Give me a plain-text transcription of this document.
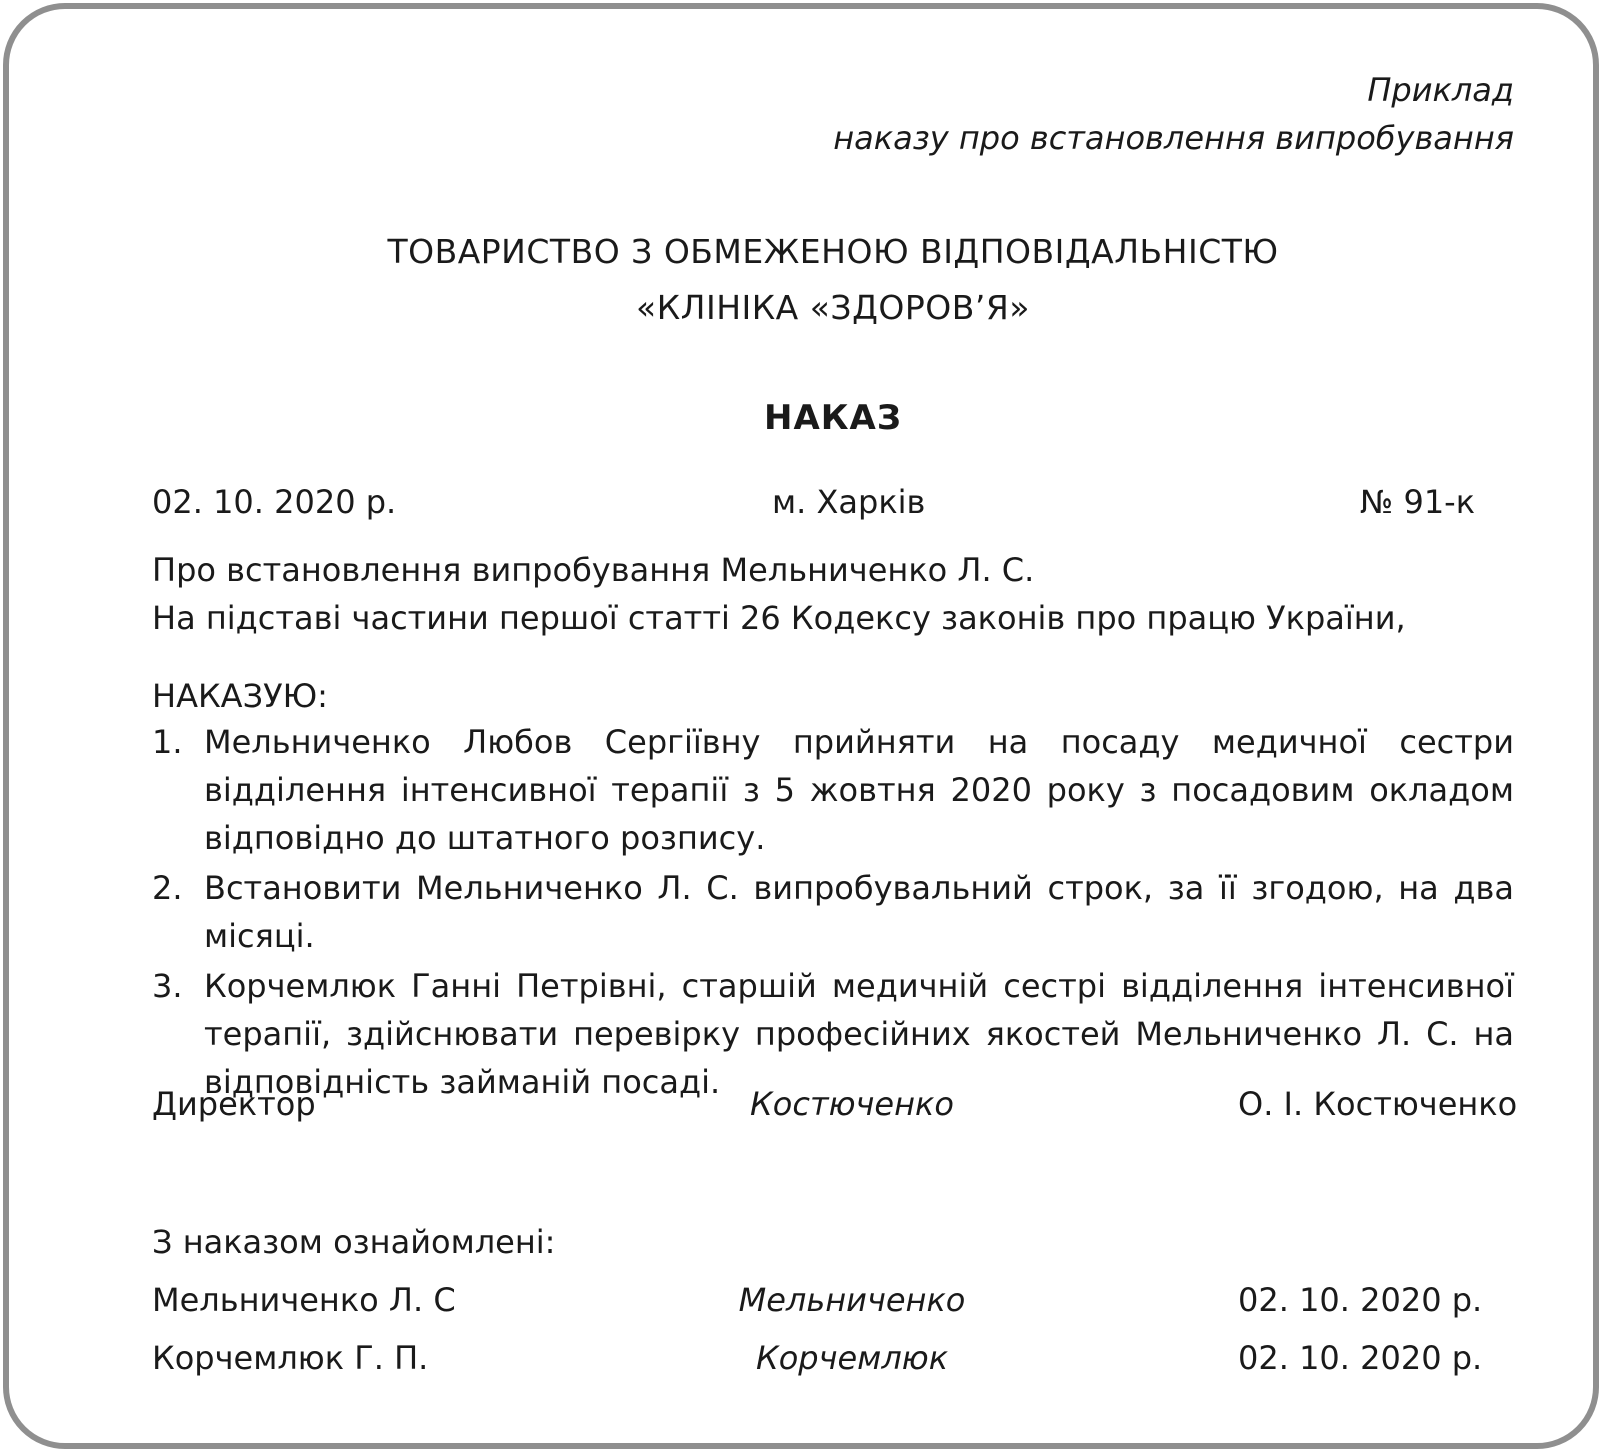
Приклад
наказу про встановлення випробування
ТОВАРИСТВО З ОБМЕЖЕНОЮ ВІДПОВІДАЛЬНІСТЮ
«КЛІНІКА «ЗДОРОВ’Я»
НАКАЗ
02. 10. 2020 р.	м. Харків	№ 91-к
Про встановлення випробування Мельниченко Л. С.
На підставі частини першої статті 26 Кодексу законів про працю України,
НАКАЗУЮ:
1. Мельниченко Любов Сергіївну прийняти на посаду медичної сестри відділення інтенсивної терапії з 5 жовтня 2020 року з посадовим окладом відповідно до штатного розпису.
2. Встановити Мельниченко Л. С. випробувальний строк, за її згодою, на два місяці.
3. Корчемлюк Ганні Петрівні, старшій медичній сестрі відділення інтенсивної терапії, здійснювати перевірку професійних якостей Мельниченко Л. С. на відповідність займаній посаді.
Директор	Костюченко	О. І. Костюченко
З наказом ознайомлені:
Мельниченко Л. С	Мельниченко	02. 10. 2020 р.
Корчемлюк Г. П.	Корчемлюк	02. 10. 2020 р.
